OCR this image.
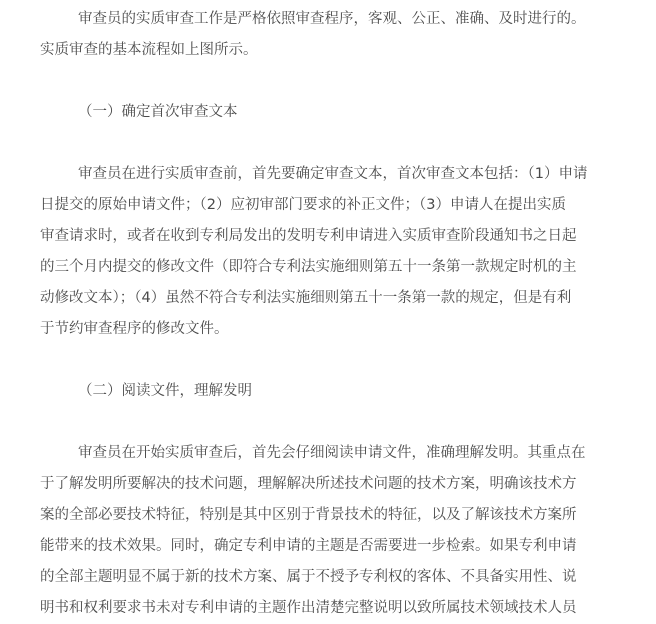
审查员的实质审查工作是严格依照审查程序，客观、公正、准确、及时进行的。
实质审查的基本流程如上图所示。
（一）确定首次审查文本
审查员在进行实质审查前，首先要确定审查文本，首次审查文本包括：（1）申请
日提交的原始申请文件；（2）应初审部门要求的补正文件；（3）申请人在提出实质
审查请求时，或者在收到专利局发出的发明专利申请进入实质审查阶段通知书之日起
的三个月内提交的修改文件（即符合专利法实施细则第五十一条第一款规定时机的主
动修改文本）；（4）虽然不符合专利法实施细则第五十一条第一款的规定，但是有利
于节约审查程序的修改文件。
（二）阅读文件，理解发明
审查员在开始实质审查后，首先会仔细阅读申请文件，准确理解发明。其重点在
于了解发明所要解决的技术问题，理解解决所述技术问题的技术方案，明确该技术方
案的全部必要技术特征，特别是其中区别于背景技术的特征，以及了解该技术方案所
能带来的技术效果。同时，确定专利申请的主题是否需要进一步检索。如果专利申请
的全部主题明显不属于新的技术方案、属于不授予专利权的客体、不具备实用性、说
明书和权利要求书未对专利申请的主题作出清楚完整说明以致所属技术领域技术人员
